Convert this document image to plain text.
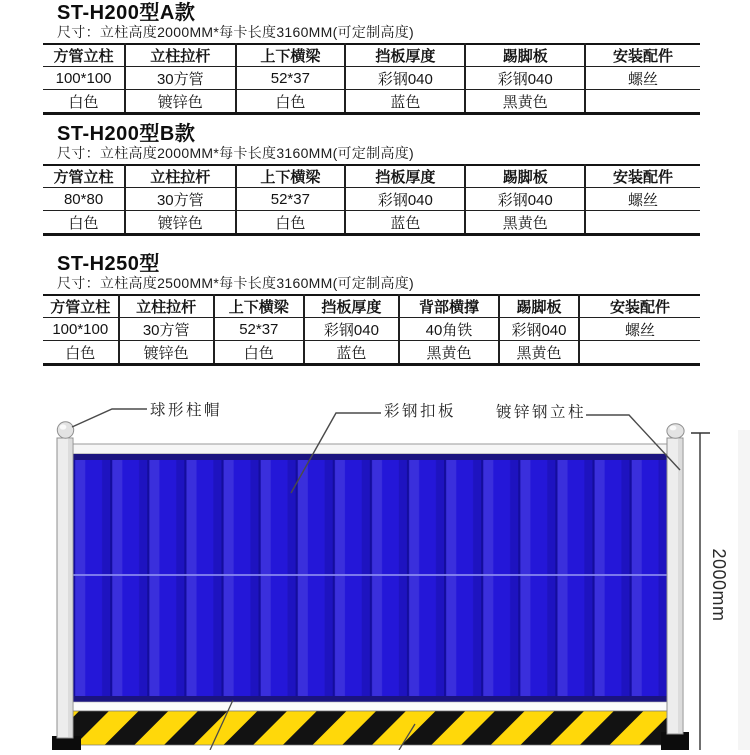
ST-H200型A款
尺寸：立柱高度2000MM*每卡长度3160MM(可定制高度)
方管立柱	立柱拉杆	上下横梁	挡板厚度	踢脚板	安装配件
100*100	30方管	52*37	彩钢040	彩钢040	螺丝
白色	镀锌色	白色	蓝色	黑黄色	
ST-H200型B款
尺寸：立柱高度2000MM*每卡长度3160MM(可定制高度)
方管立柱	立柱拉杆	上下横梁	挡板厚度	踢脚板	安装配件
80*80	30方管	52*37	彩钢040	彩钢040	螺丝
白色	镀锌色	白色	蓝色	黑黄色	
ST-H250型
尺寸：立柱高度2500MM*每卡长度3160MM(可定制高度)
方管立柱	立柱拉杆	上下横梁	挡板厚度	背部横撑	踢脚板	安装配件
100*100	30方管	52*37	彩钢040	40角铁	彩钢040	螺丝
白色	镀锌色	白色	蓝色	黑黄色	黑黄色	
球形柱帽	彩钢扣板	镀锌钢立柱
2000mm
